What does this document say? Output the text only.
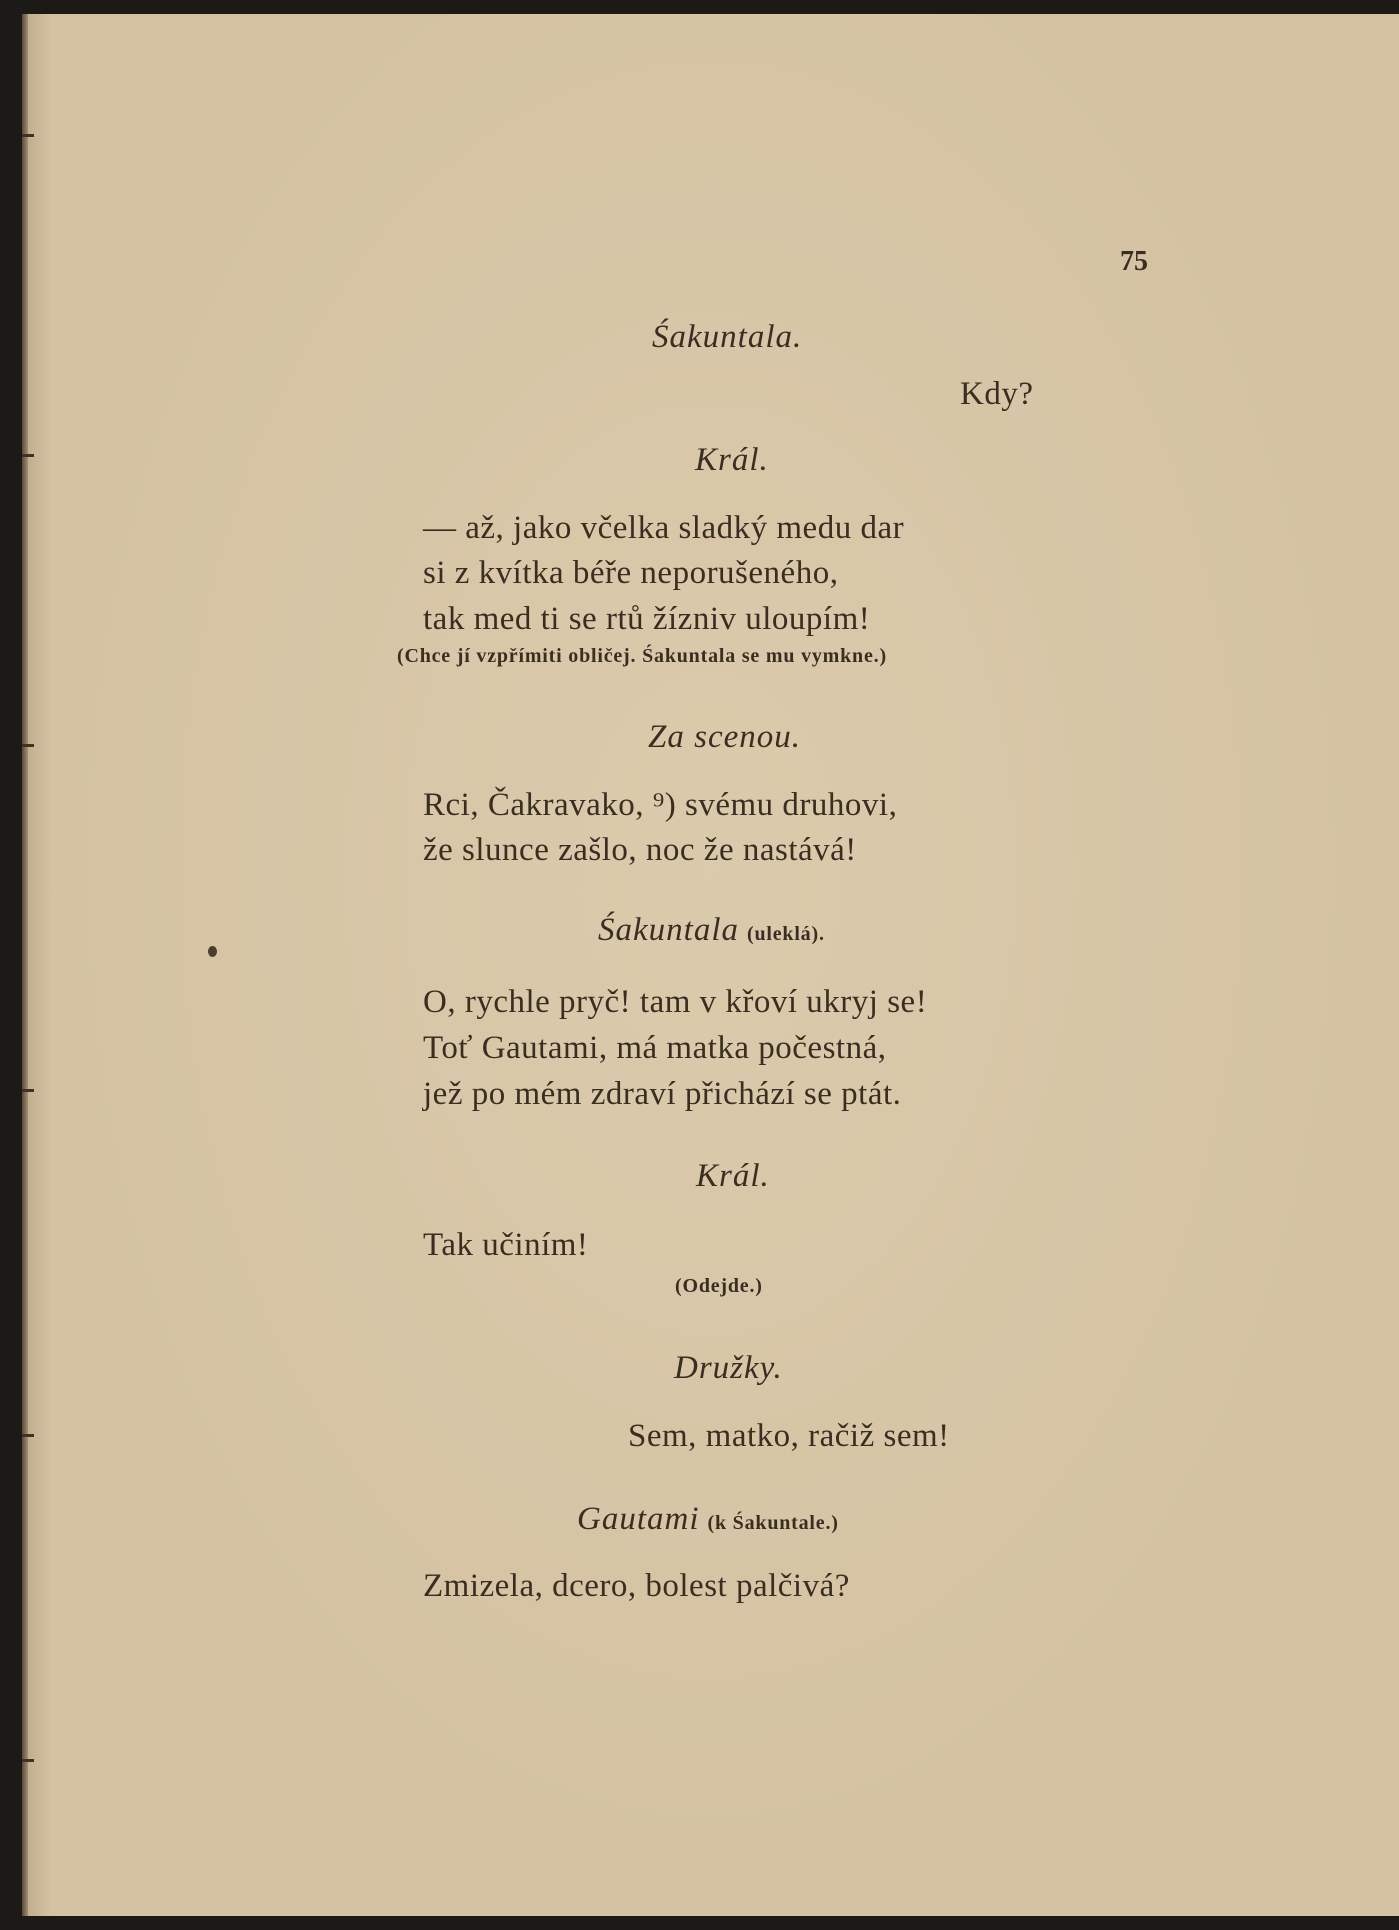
75
Śakuntala.
Kdy?
Král.
— až, jako včelka sladký medu dar
si z kvítka béře neporušeného,
tak med ti se rtů žízniv uloupím!
(Chce jí vzpřímiti obličej. Śakuntala se mu vymkne.)
Za scenou.
Rci, Čakravako, ⁹) svému druhovi,
že slunce zašlo, noc že nastává!
Śakuntala (uleklá).
O, rychle pryč! tam v křoví ukryj se!
Toť Gautami, má matka počestná,
jež po mém zdraví přichází se ptát.
Král.
Tak učiním!
(Odejde.)
Družky.
Sem, matko, račiž sem!
Gautami (k Śakuntale.)
Zmizela, dcero, bolest palčivá?
